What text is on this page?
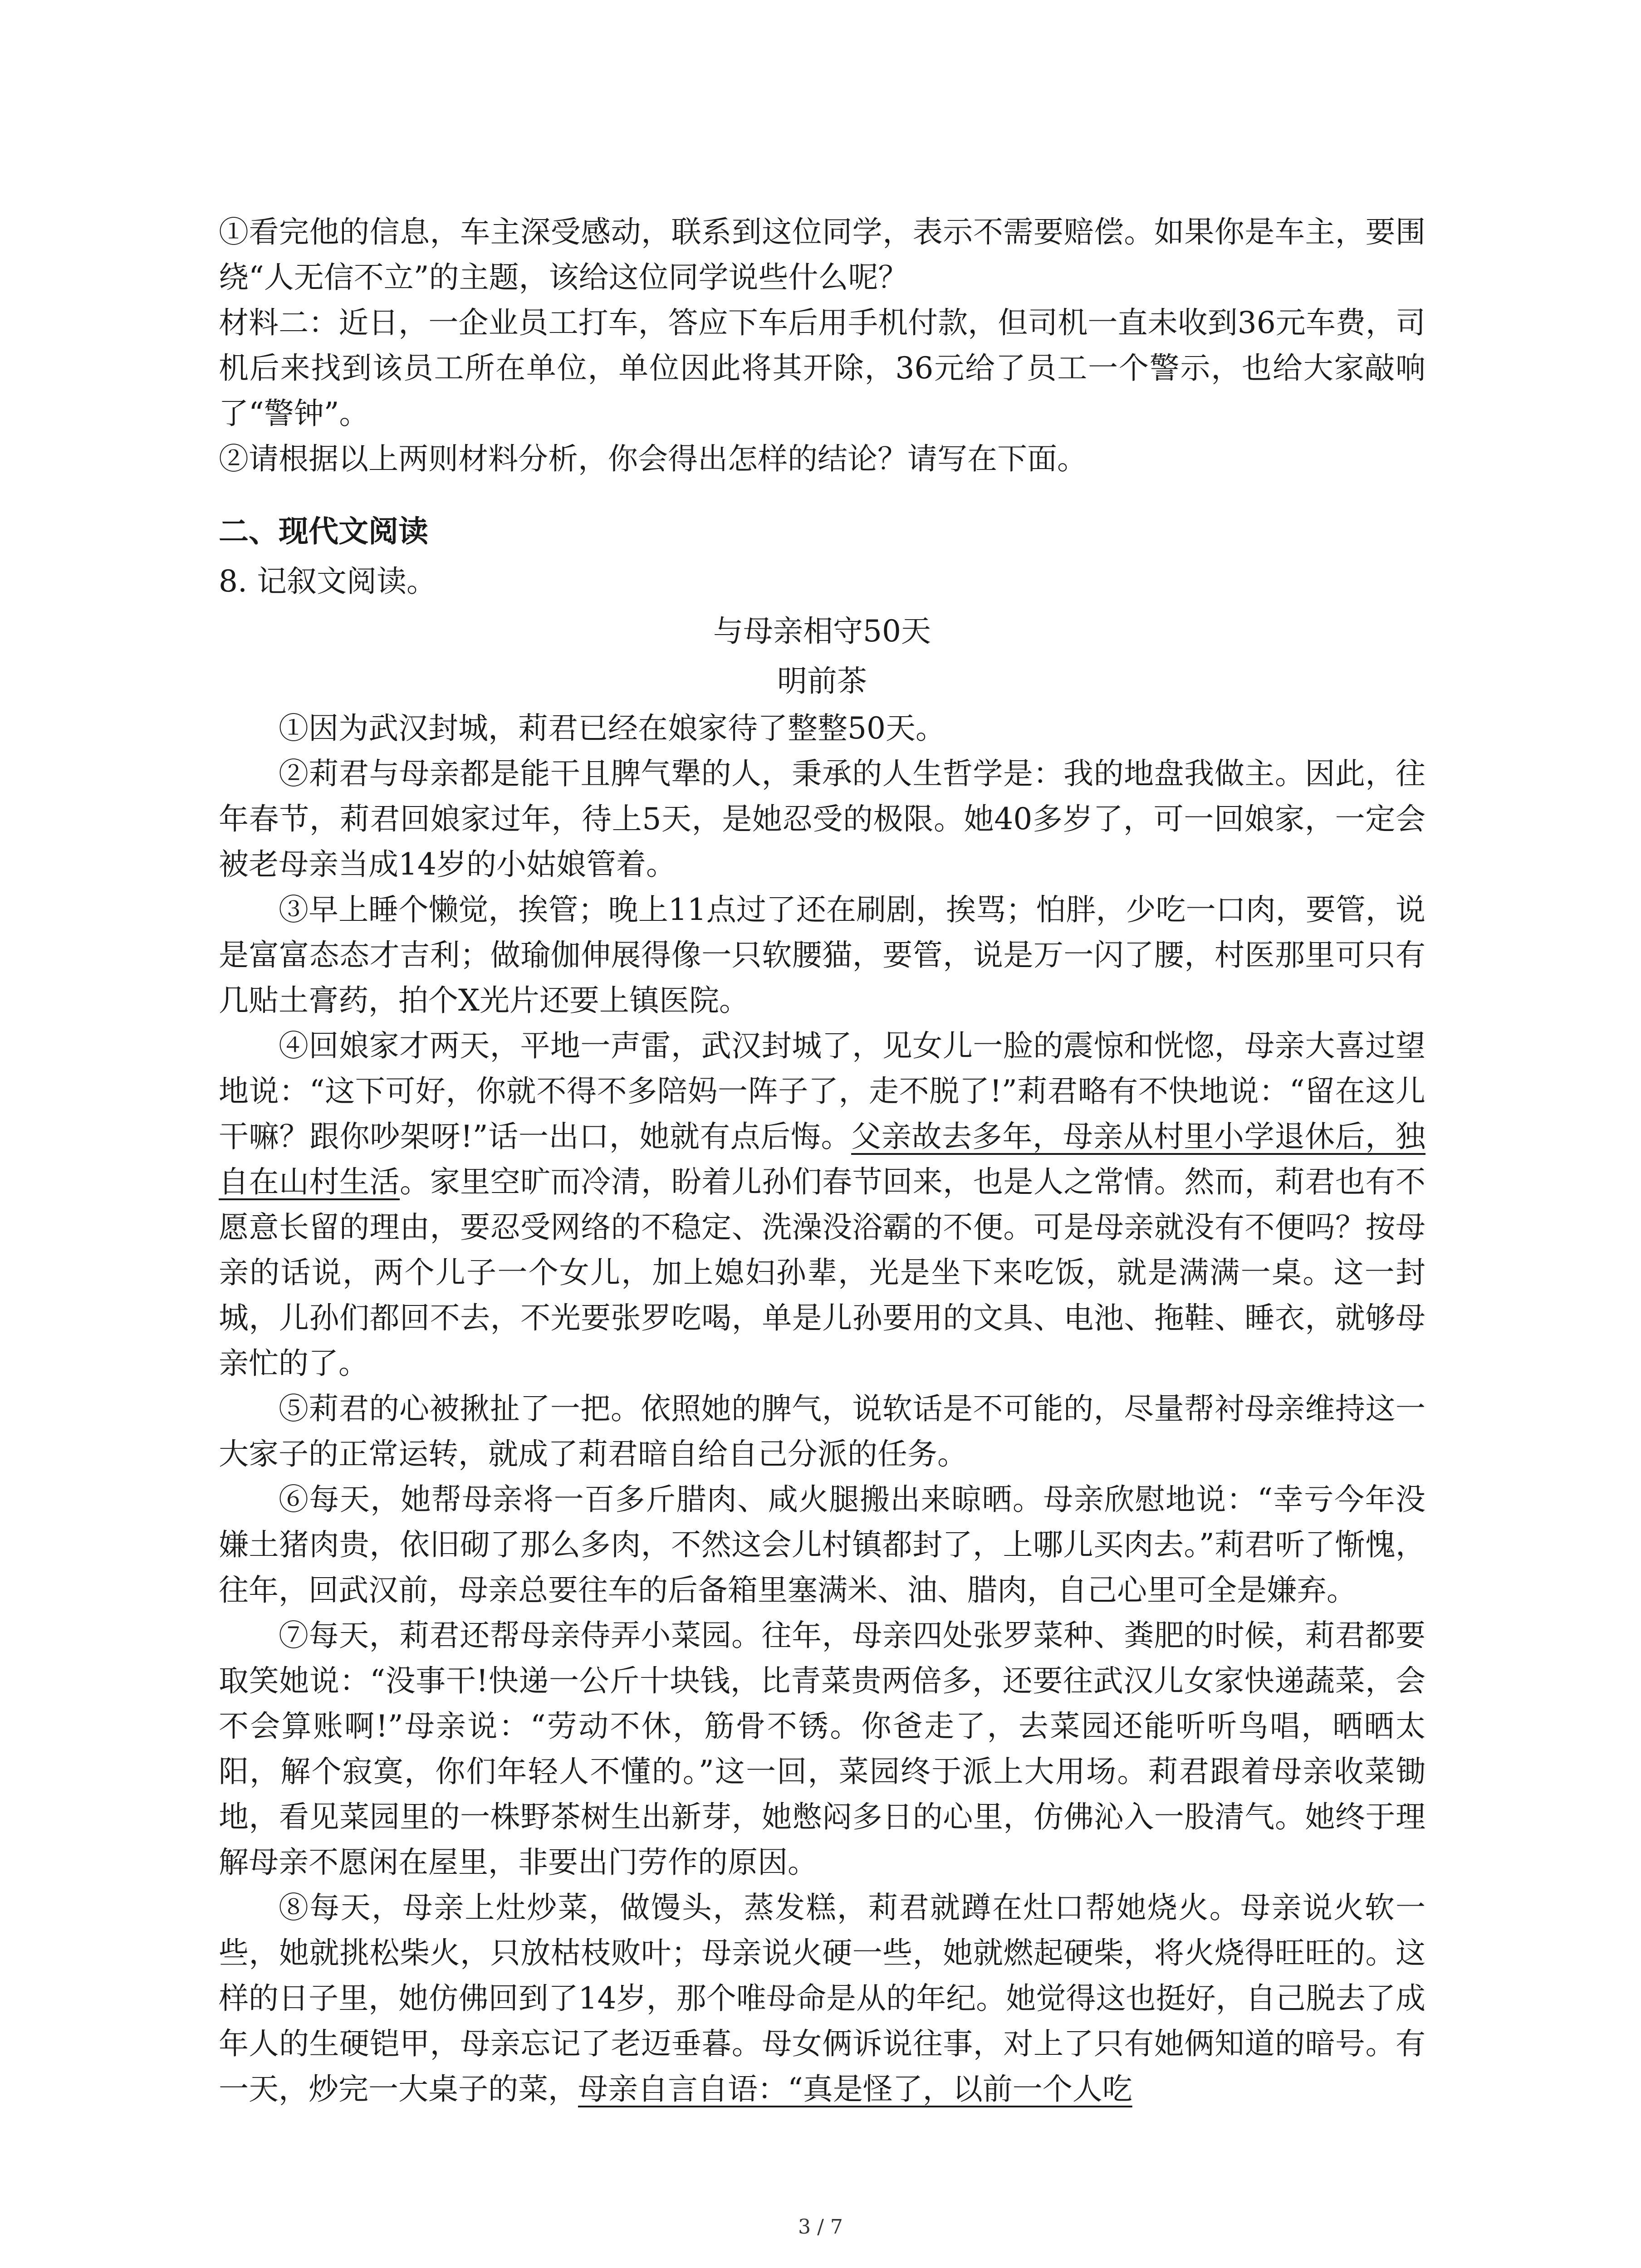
①看完他的信息，车主深受感动，联系到这位同学，表示不需要赔偿。如果你是车主，要围绕“人无信不立”的主题，该给这位同学说些什么呢？

材料二：近日，一企业员工打车，答应下车后用手机付款，但司机一直未收到36元车费，司机后来找到该员工所在单位，单位因此将其开除，36元给了员工一个警示，也给大家敲响了“警钟”。

②请根据以上两则材料分析，你会得出怎样的结论？请写在下面。

二、现代文阅读

8. 记叙文阅读。

与母亲相守50天

明前茶

①因为武汉封城，莉君已经在娘家待了整整50天。

②莉君与母亲都是能干且脾气犟的人，秉承的人生哲学是：我的地盘我做主。因此，往年春节，莉君回娘家过年，待上5天，是她忍受的极限。她40多岁了，可一回娘家，一定会被老母亲当成14岁的小姑娘管着。

③早上睡个懒觉，挨管；晚上11点过了还在刷剧，挨骂；怕胖，少吃一口肉，要管，说是富富态态才吉利；做瑜伽伸展得像一只软腰猫，要管，说是万一闪了腰，村医那里可只有几贴土膏药，拍个X光片还要上镇医院。

④回娘家才两天，平地一声雷，武汉封城了，见女儿一脸的震惊和恍惚，母亲大喜过望地说：“这下可好，你就不得不多陪妈一阵子了，走不脱了!”莉君略有不快地说：“留在这儿干嘛？跟你吵架呀!”话一出口，她就有点后悔。父亲故去多年，母亲从村里小学退休后，独自在山村生活。家里空旷而冷清，盼着儿孙们春节回来，也是人之常情。然而，莉君也有不愿意长留的理由，要忍受网络的不稳定、洗澡没浴霸的不便。可是母亲就没有不便吗？按母亲的话说，两个儿子一个女儿，加上媳妇孙辈，光是坐下来吃饭，就是满满一桌。这一封城，儿孙们都回不去，不光要张罗吃喝，单是儿孙要用的文具、电池、拖鞋、睡衣，就够母亲忙的了。

⑤莉君的心被揪扯了一把。依照她的脾气，说软话是不可能的，尽量帮衬母亲维持这一大家子的正常运转，就成了莉君暗自给自己分派的任务。

⑥每天，她帮母亲将一百多斤腊肉、咸火腿搬出来晾晒。母亲欣慰地说：“幸亏今年没嫌土猪肉贵，依旧砌了那么多肉，不然这会儿村镇都封了，上哪儿买肉去。”莉君听了惭愧，往年，回武汉前，母亲总要往车的后备箱里塞满米、油、腊肉，自己心里可全是嫌弃。

⑦每天，莉君还帮母亲侍弄小菜园。往年，母亲四处张罗菜种、粪肥的时候，莉君都要取笑她说：“没事干!快递一公斤十块钱，比青菜贵两倍多，还要往武汉儿女家快递蔬菜，会不会算账啊!”母亲说：“劳动不休，筋骨不锈。你爸走了，去菜园还能听听鸟唱，晒晒太阳，解个寂寞，你们年轻人不懂的。”这一回，菜园终于派上大用场。莉君跟着母亲收菜锄地，看见菜园里的一株野茶树生出新芽，她憋闷多日的心里，仿佛沁入一股清气。她终于理解母亲不愿闲在屋里，非要出门劳作的原因。

⑧每天，母亲上灶炒菜，做馒头，蒸发糕，莉君就蹲在灶口帮她烧火。母亲说火软一些，她就挑松柴火，只放枯枝败叶；母亲说火硬一些，她就燃起硬柴，将火烧得旺旺的。这样的日子里，她仿佛回到了14岁，那个唯母命是从的年纪。她觉得这也挺好，自己脱去了成年人的生硬铠甲，母亲忘记了老迈垂暮。母女俩诉说往事，对上了只有她俩知道的暗号。有一天，炒完一大桌子的菜，母亲自言自语：“真是怪了，以前一个人吃

3 / 7
